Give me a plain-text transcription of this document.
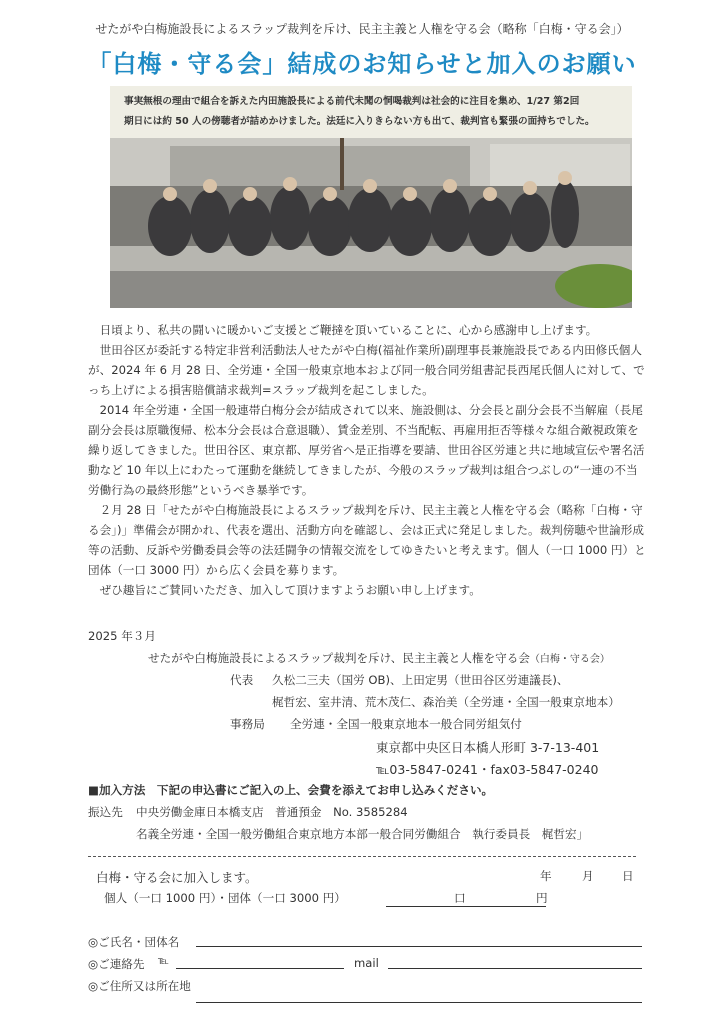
せたがや白梅施設長によるスラップ裁判を斥け、民主主義と人権を守る会（略称「白梅・守る会」）
「白梅・守る会」結成のお知らせと加入のお願い
事実無根の理由で組合を訴えた内田施設長による前代未聞の恫喝裁判は社会的に注目を集め、1/27 第2回
期日には約 50 人の傍聴者が詰めかけました。法廷に入りきらない方も出て、裁判官も緊張の面持ちでした。
日頃より、私共の闘いに暖かいご支援とご鞭撻を頂いていることに、心から感謝申し上げます。
世田谷区が委託する特定非営利活動法人せたがや白梅(福祉作業所)副理事長兼施設長である内田修氏個人が、2024 年 6 月 28 日、全労連・全国一般東京地本および同一般合同労組書記長西尾氏個人に対して、でっち上げによる損害賠償請求裁判=スラップ裁判を起こしました。
2014 年全労連・全国一般連帯白梅分会が結成されて以来、施設側は、分会長と副分会長不当解雇（長尾副分会長は原職復帰、松本分会長は合意退職）、賃金差別、不当配転、再雇用拒否等様々な組合敵視政策を繰り返してきました。世田谷区、東京都、厚労省へ是正指導を要請、世田谷区労連と共に地域宣伝や署名活動など 10 年以上にわたって運動を継続してきましたが、今般のスラップ裁判は組合つぶしの“一連の不当労働行為の最終形態”というべき暴挙です。
２月 28 日「せたがや白梅施設長によるスラップ裁判を斥け、民主主義と人権を守る会（略称「白梅・守る会」)」準備会が開かれ、代表を選出、活動方向を確認し、会は正式に発足しました。裁判傍聴や世論形成等の活動、反訴や労働委員会等の法廷闘争の情報交流をしてゆきたいと考えます。個人（一口 1000 円）と団体（一口 3000 円）から広く会員を募ります。
ぜひ趣旨にご賛同いただき、加入して頂けますようお願い申し上げます。
2025 年３月
せたがや白梅施設長によるスラップ裁判を斥け、民主主義と人権を守る会（白梅・守る会）
代表 久松二三夫（国労 OB)、上田定男（世田谷区労連議長)、
梶哲宏、室井清、荒木茂仁、森治美（全労連・全国一般東京地本）
事務局 全労連・全国一般東京地本一般合同労組気付
東京都中央区日本橋人形町 3-7-13-401
℡03-5847-0241・fax03-5847-0240
■加入方法　下記の申込書にご記入の上、会費を添えてお申し込みください。
振込先 中央労働金庫日本橋支店　普通預金　No. 3585284
名義全労連・全国一般労働組合東京地方本部一般合同労働組合　執行委員長　梶哲宏」
白梅・守る会に加入します。	年	月 日
個人（一口 1000 円）・団体（一口 3000 円）	口	円
◎ご氏名・団体名
◎ご連絡先 ℡	mail
◎ご住所又は所在地
